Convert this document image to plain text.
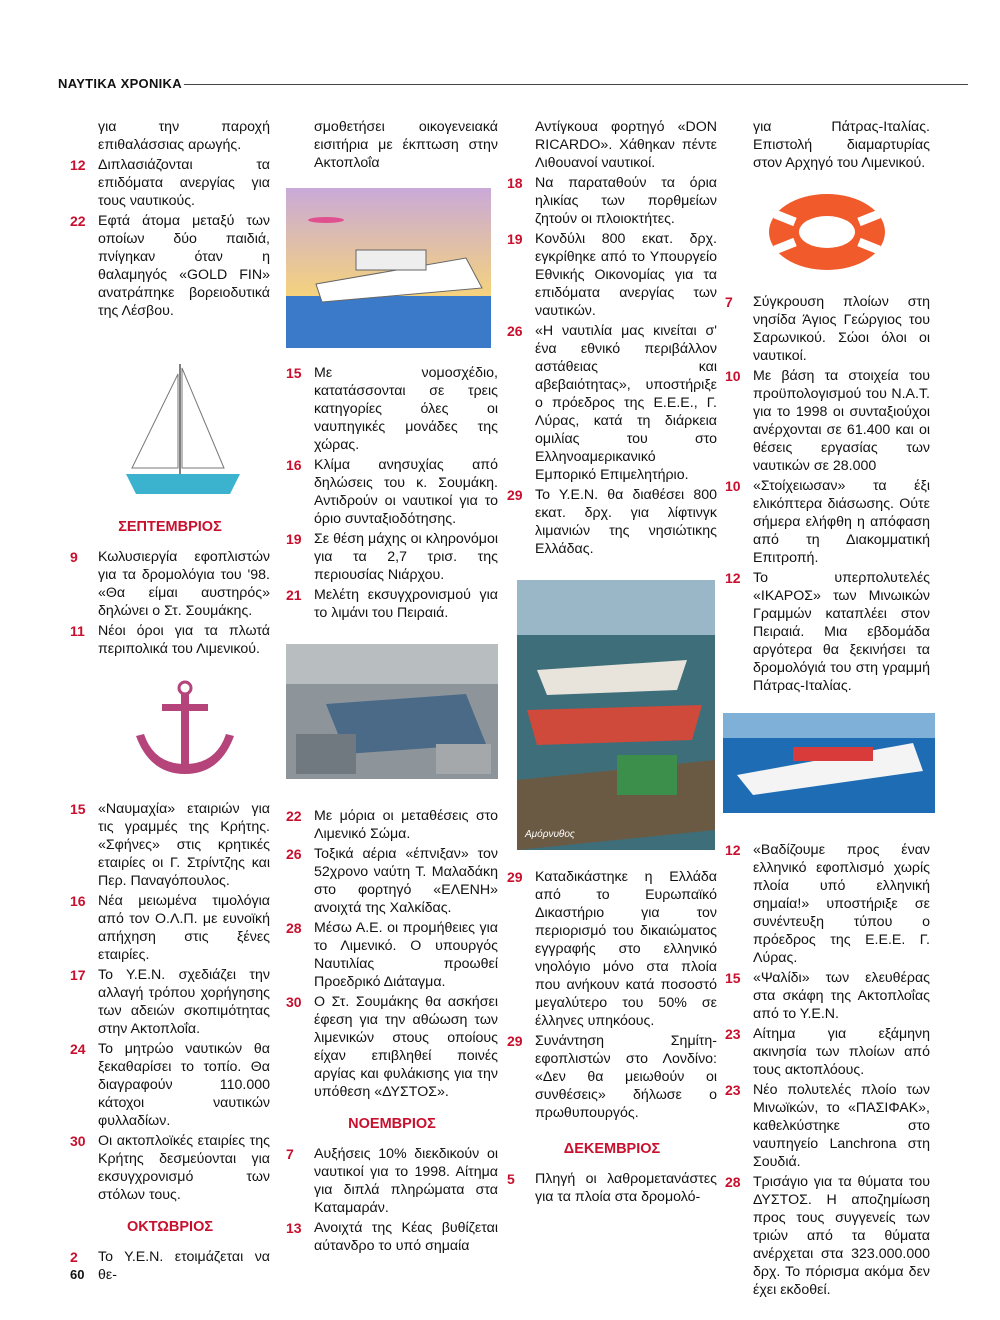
ΝΑΥΤΙΚΑ ΧΡΟΝΙΚΑ
για την παροχή επιθαλάσσιας αρωγής.
12 Διπλασιάζονται τα επιδόματα ανεργίας για τους ναυτικούς.
22 Εφτά άτομα μεταξύ των οποίων δύο παιδιά, πνίγηκαν όταν η θαλαμηγός «GOLD FIN» ανατράπηκε βορειοδυτικά της Λέσβου.
ΣΕΠΤΕΜΒΡΙΟΣ
9	Κωλυσιεργία εφοπλιστών για τα δρομολόγια του '98. «Θα είμαι αυστηρός» δηλώνει ο Στ. Σουμάκης.
11 Νέοι όροι για τα πλωτά περιπολικά του Λιμενικού.
15 «Ναυμαχία» εταιριών για τις γραμμές της Κρήτης. «Σφήνες» στις κρητικές εταιρίες οι Γ. Στρίντζης και Περ. Παναγόπουλος.
16 Νέα μειωμένα τιμολόγια από τον Ο.Λ.Π. με ευνοϊκή απήχηση στις ξένες εταιρίες.
17 Το Υ.Ε.Ν. σχεδιάζει την αλλαγή τρόπου χορήγησης των αδειών σκοπιμότητας στην Ακτοπλοΐα.
24 Το μητρώο ναυτικών θα ξεκαθαρίσει το τοπίο. Θα διαγραφούν 110.000 κάτοχοι ναυτικών φυλλαδίων.
30 Οι ακτοπλοϊκές εταιρίες της Κρήτης δεσμεύονται για εκσυγχρονισμό των στόλων τους.
ΟΚΤΩΒΡΙΟΣ
2	Το Υ.Ε.Ν. ετοιμάζεται να θε-
σμοθετήσει οικογενειακά εισιτήρια με έκπτωση στην Ακτοπλοΐα
15 Με νομοσχέδιο, κατατάσσονται σε τρεις κατηγορίες όλες οι ναυπηγικές μονάδες της χώρας.
16 Κλίμα ανησυχίας από δηλώσεις του κ. Σουμάκη. Αντιδρούν οι ναυτικοί για το όριο συνταξιοδότησης.
19 Σε θέση μάχης οι κληρονόμοι για τα 2,7 τρισ. της περιουσίας Νιάρχου.
21 Μελέτη εκσυγχρονισμού για το λιμάνι του Πειραιά.
22 Με μόρια οι μεταθέσεις στο Λιμενικό Σώμα.
26 Τοξικά αέρια «έπνιξαν» τον 52χρονο ναύτη Τ. Μαλαδάκη στο φορτηγό «ΕΛΕΝΗ» ανοιχτά της Χαλκίδας.
28 Μέσω Α.Ε. οι προμήθειες για το Λιμενικό. Ο υπουργός Ναυτιλίας προωθεί Προεδρικό Διάταγμα.
30 Ο Στ. Σουμάκης θα ασκήσει έφεση για την αθώωση των λιμενικών στους οποίους είχαν επιβληθεί ποινές αργίας και φυλάκισης για την υπόθεση «ΔΥΣΤΟΣ».
ΝΟΕΜΒΡΙΟΣ
7	Αυξήσεις 10% διεκδικούν οι ναυτικοί για το 1998. Αίτημα για διπλά πληρώματα στα Καταμαράν.
13 Ανοιχτά της Κέας βυθίζεται αύτανδρο το υπό σημαία
Αντίγκουα φορτηγό «DON RICARDO». Χάθηκαν πέντε Λιθουανοί ναυτικοί.
18 Να παραταθούν τα όρια ηλικίας των πορθμείων ζητούν οι πλοιοκτήτες.
19 Κονδύλι 800 εκατ. δρχ. εγκρίθηκε από το Υπουργείο Εθνικής Οικονομίας για τα επιδόματα ανεργίας των ναυτικών.
26 «Η ναυτιλία μας κινείται σ' ένα εθνικό περιβάλλον αστάθειας και αβεβαιότητας», υποστήριξε ο πρόεδρος της Ε.Ε.Ε., Γ. Λύρας, κατά τη διάρκεια ομιλίας του στο Ελληνοαμερικανικό Εμπορικό Επιμελητήριο.
29 Το Υ.Ε.Ν. θα διαθέσει 800 εκατ. δρχ. για λίφτινγκ λιμανιών της νησιώτικης Ελλάδας.
Αμόρνυθος
29 Καταδικάστηκε η Ελλάδα από το Ευρωπαϊκό Δικαστήριο για τον περιορισμό του δικαιώματος εγγραφής στο ελληνικό νηολόγιο μόνο στα πλοία που ανήκουν κατά ποσοστό μεγαλύτερο του 50% σε έλληνες υπηκόους.
29 Συνάντηση Σημίτη-εφοπλιστών στο Λονδίνο: «Δεν θα μειωθούν οι συνθέσεις» δήλωσε ο πρωθυπουργός.
ΔΕΚΕΜΒΡΙΟΣ
5	Πληγή οι λαθρομετανάστες για τα πλοία στα δρομολό-
για Πάτρας-Ιταλίας. Επιστολή διαμαρτυρίας στον Αρχηγό του Λιμενικού.
7	Σύγκρουση πλοίων στη νησίδα Άγιος Γεώργιος του Σαρωνικού. Σώοι όλοι οι ναυτικοί.
10 Με βάση τα στοιχεία του προϋπολογισμού του Ν.Α.Τ. για το 1998 οι συνταξιούχοι ανέρχονται σε 61.400 και οι θέσεις εργασίας των ναυτικών σε 28.000
10 «Στοίχειωσαν» τα έξι ελικόπτερα διάσωσης. Ούτε σήμερα ελήφθη η απόφαση από τη Διακομματική Επιτροπή.
12 Το υπερπολυτελές «ΙΚΑΡΟΣ» των Μινωικών Γραμμών καταπλέει στον Πειραιά. Μια εβδομάδα αργότερα θα ξεκινήσει τα δρομολόγιά του στη γραμμή Πάτρας-Ιταλίας.
12 «Βαδίζουμε προς έναν ελληνικό εφοπλισμό χωρίς πλοία υπό ελληνική σημαία!» υποστήριξε σε συνέντευξη τύπου ο πρόεδρος της Ε.Ε.Ε. Γ. Λύρας.
15 «Ψαλίδι» των ελευθέρας στα σκάφη της Ακτοπλοΐας από το Υ.Ε.Ν.
23 Αίτημα για εξάμηνη ακινησία των πλοίων από τους ακτοπλόους.
23 Νέο πολυτελές πλοίο των Μινωϊκών, το «ΠΑΣΙΦΑΚ», καθελκύστηκε στο ναυπηγείο Lanchrona στη Σουδιά.
28 Τρισάγιο για τα θύματα του ΔΥΣΤΟΣ. Η αποζημίωση προς τους συγγενείς των τριών από τα θύματα ανέρχεται στα 323.000.000 δρχ. Το πόρισμα ακόμα δεν έχει εκδοθεί.
60
